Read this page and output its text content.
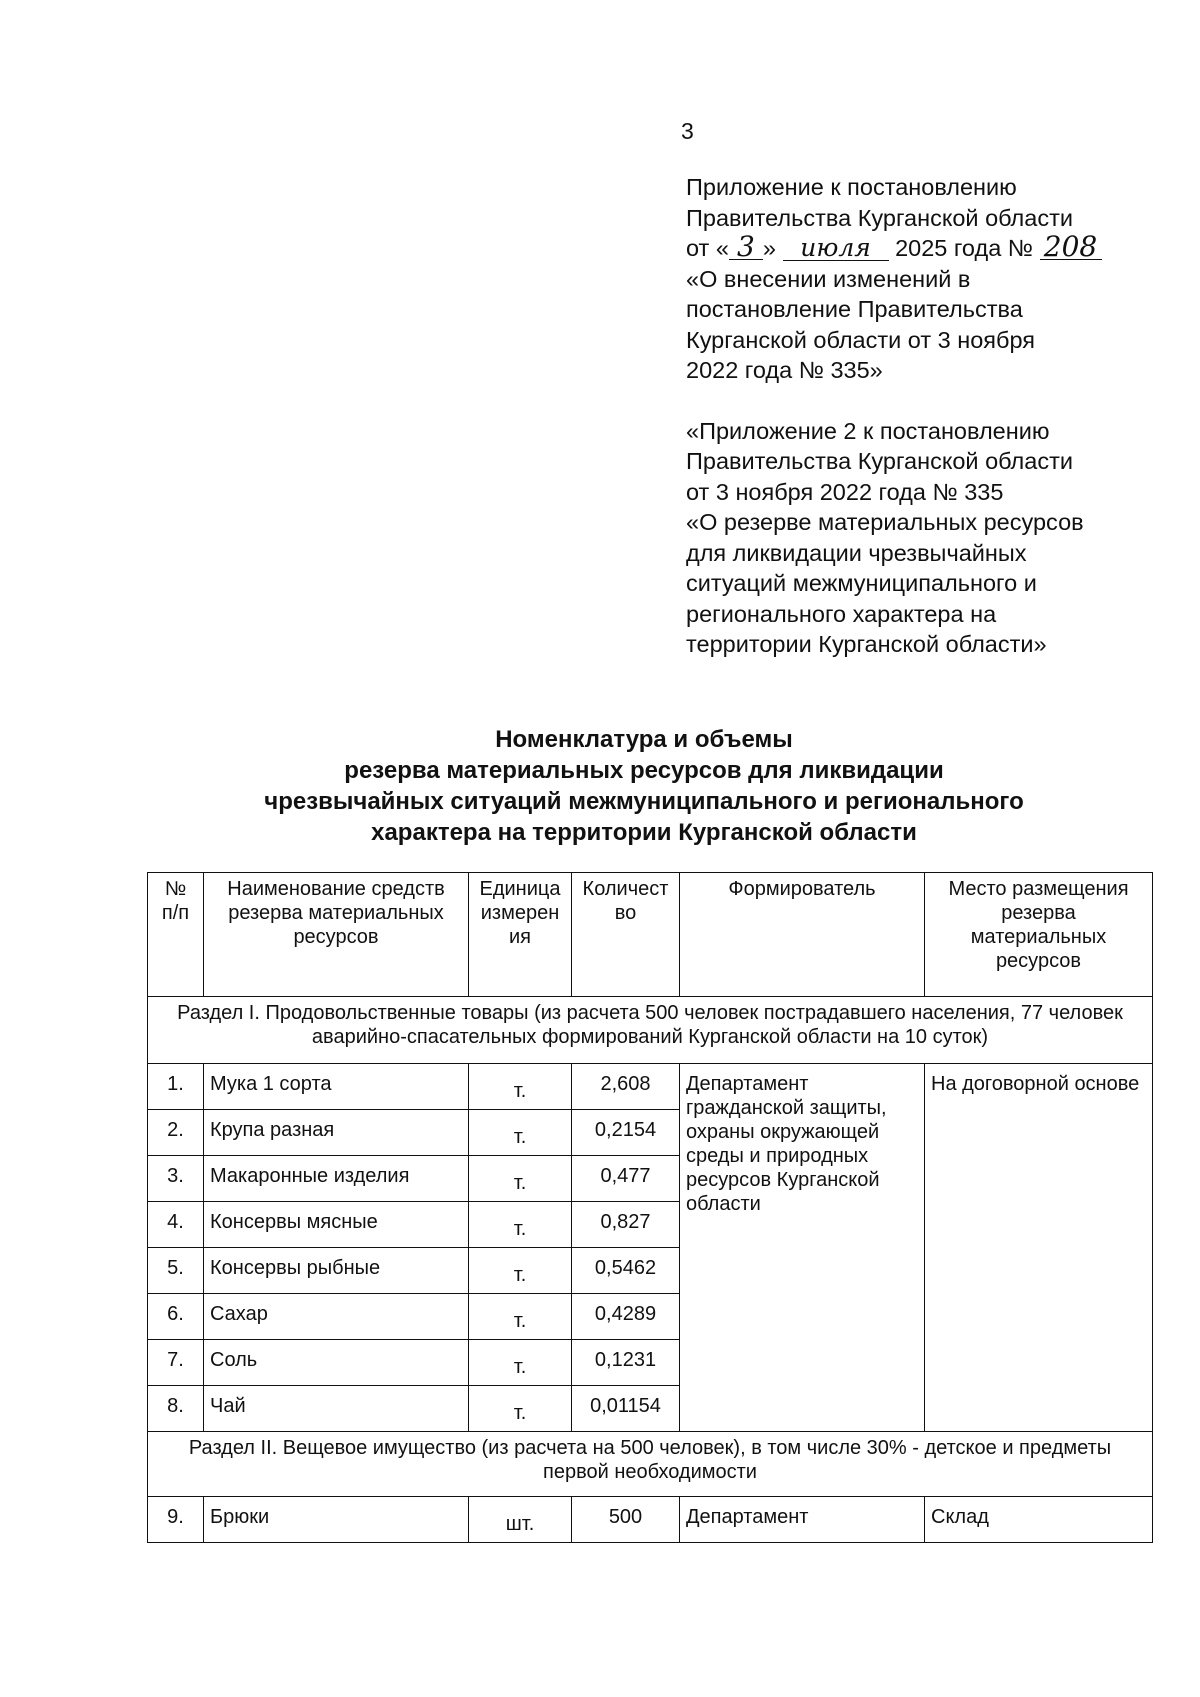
3

Приложение к постановлению

Правительства Курганской области

от « 3 » июля 2025 года № 208

«О внесении изменений в

постановление Правительства

Курганской области от 3 ноября

2022 года № 335»

«Приложение 2 к постановлению

Правительства Курганской области

от 3 ноября 2022 года № 335

«О резерве материальных ресурсов

для ликвидации чрезвычайных

ситуаций межмуниципального и

регионального характера на

территории Курганской области»

Номенклатура и объемы
резерва материальных ресурсов для ликвидации
чрезвычайных ситуаций межмуниципального и регионального
характера на территории Курганской области
№ п/п	Наименование средств резерва материальных ресурсов	Единица измерен ия	Количест во	Формирователь	Место размещения резерва материальных ресурсов
Раздел I. Продовольственные товары (из расчета 500 человек пострадавшего населения, 77 человек аварийно-спасательных формирований Курганской области на 10 суток)					
1.	Мука 1 сорта	т.	2,608	Департамент гражданской защиты, охраны окружающей среды и природных ресурсов Курганской области	На договорной основе
2.	Крупа разная	т.	0,2154		
3.	Макаронные изделия	т.	0,477		
4.	Консервы мясные	т.	0,827		
5.	Консервы рыбные	т.	0,5462		
6.	Сахар	т.	0,4289		
7.	Соль	т.	0,1231		
8.	Чай	т.	0,01154		
Раздел II. Вещевое имущество (из расчета на 500 человек), в том числе 30% - детское и предметы первой необходимости					
9.	Брюки	шт.	500	Департамент	Склад
